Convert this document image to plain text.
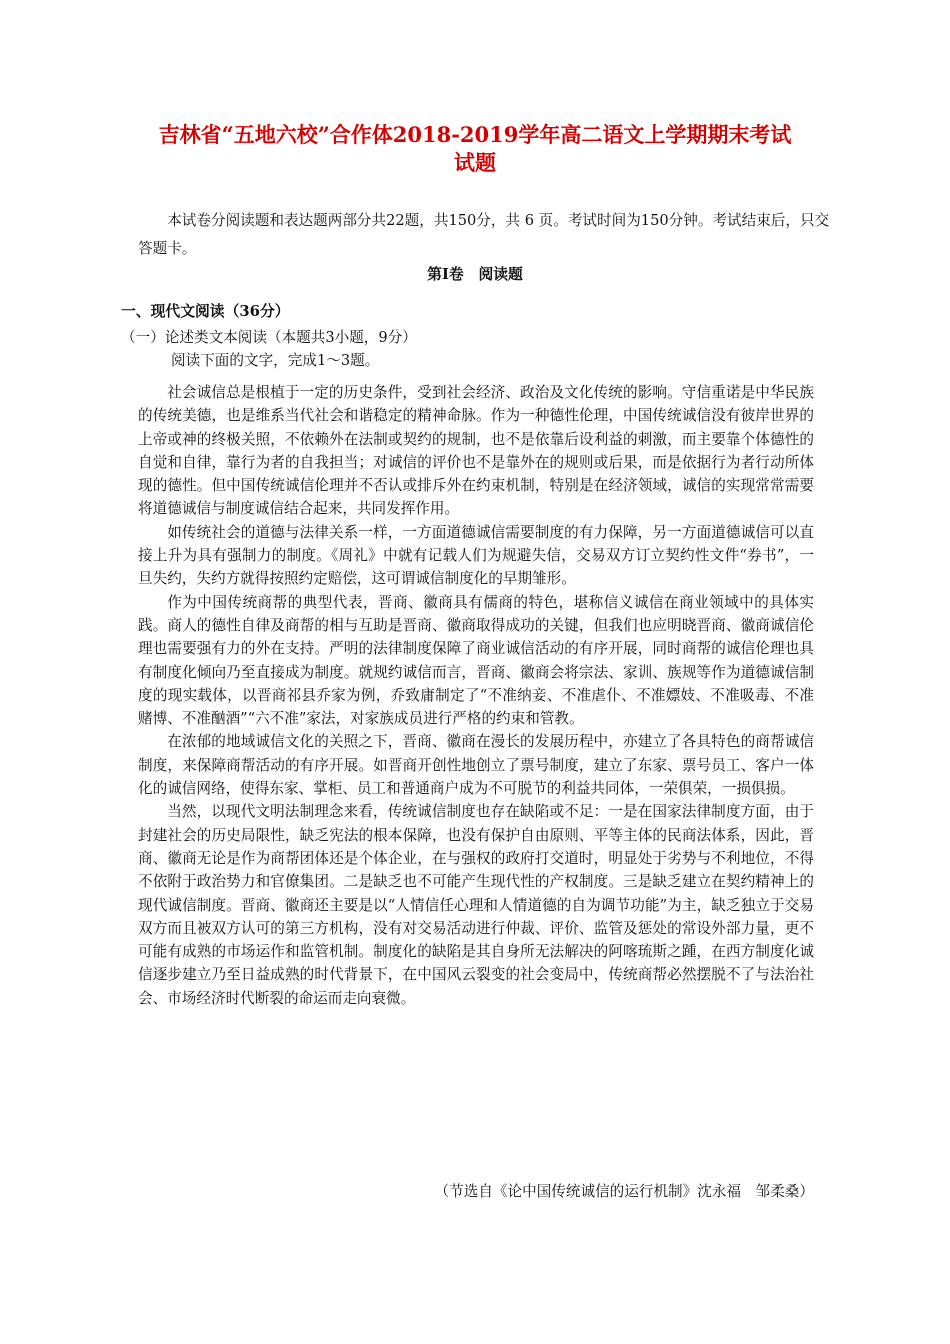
吉林省“五地六校”合作体2018-2019学年高二语文上学期期末考试
试题
本试卷分阅读题和表达题两部分共22题，共150分，共 6 页。考试时间为150分钟。考试结束后，只交答题卡。
第Ⅰ卷　阅读题
一、现代文阅读（36分）
（一）论述类文本阅读（本题共3小题，9分）
阅读下面的文字，完成1～3题。

社会诚信总是根植于一定的历史条件，受到社会经济、政治及文化传统的影响。守信重诺是中华民族的传统美德，也是维系当代社会和谐稳定的精神命脉。作为一种德性伦理，中国传统诚信没有彼岸世界的上帝或神的终极关照，不依赖外在法制或契约的规制，也不是依靠后设利益的刺激，而主要靠个体德性的自觉和自律，靠行为者的自我担当；对诚信的评价也不是靠外在的规则或后果，而是依据行为者行动所体现的德性。但中国传统诚信伦理并不否认或排斥外在约束机制，特别是在经济领域，诚信的实现常常需要将道德诚信与制度诚信结合起来，共同发挥作用。

如传统社会的道德与法律关系一样，一方面道德诚信需要制度的有力保障，另一方面道德诚信可以直接上升为具有强制力的制度。《周礼》中就有记载人们为规避失信，交易双方订立契约性文件“券书”，一旦失约，失约方就得按照约定赔偿，这可谓诚信制度化的早期雏形。

作为中国传统商帮的典型代表，晋商、徽商具有儒商的特色，堪称信义诚信在商业领域中的具体实践。商人的德性自律及商帮的相与互助是晋商、徽商取得成功的关键，但我们也应明晓晋商、徽商诚信伦理也需要强有力的外在支持。严明的法律制度保障了商业诚信活动的有序开展，同时商帮的诚信伦理也具有制度化倾向乃至直接成为制度。就规约诚信而言，晋商、徽商会将宗法、家训、族规等作为道德诚信制度的现实载体，以晋商祁县乔家为例，乔致庸制定了“不准纳妾、不准虐仆、不准嫖妓、不准吸毒、不准赌博、不准酗酒”“六不准”家法，对家族成员进行严格的约束和管教。

在浓郁的地域诚信文化的关照之下，晋商、徽商在漫长的发展历程中，亦建立了各具特色的商帮诚信制度，来保障商帮活动的有序开展。如晋商开创性地创立了票号制度，建立了东家、票号员工、客户一体化的诚信网络，使得东家、掌柜、员工和普通商户成为不可脱节的利益共同体，一荣俱荣，一损俱损。

当然，以现代文明法制理念来看，传统诚信制度也存在缺陷或不足：一是在国家法律制度方面，由于封建社会的历史局限性，缺乏宪法的根本保障，也没有保护自由原则、平等主体的民商法体系，因此，晋商、徽商无论是作为商帮团体还是个体企业，在与强权的政府打交道时，明显处于劣势与不利地位，不得不依附于政治势力和官僚集团。二是缺乏也不可能产生现代性的产权制度。三是缺乏建立在契约精神上的现代诚信制度。晋商、徽商还主要是以“人情信任心理和人情道德的自为调节功能”为主，缺乏独立于交易双方而且被双方认可的第三方机构，没有对交易活动进行仲裁、评价、监管及惩处的常设外部力量，更不可能有成熟的市场运作和监管机制。制度化的缺陷是其自身所无法解决的阿喀琉斯之踵，在西方制度化诚信逐步建立乃至日益成熟的时代背景下，在中国风云裂变的社会变局中，传统商帮必然摆脱不了与法治社会、市场经济时代断裂的命运而走向衰微。

（节选自《论中国传统诚信的运行机制》沈永福　邹柔桑）
